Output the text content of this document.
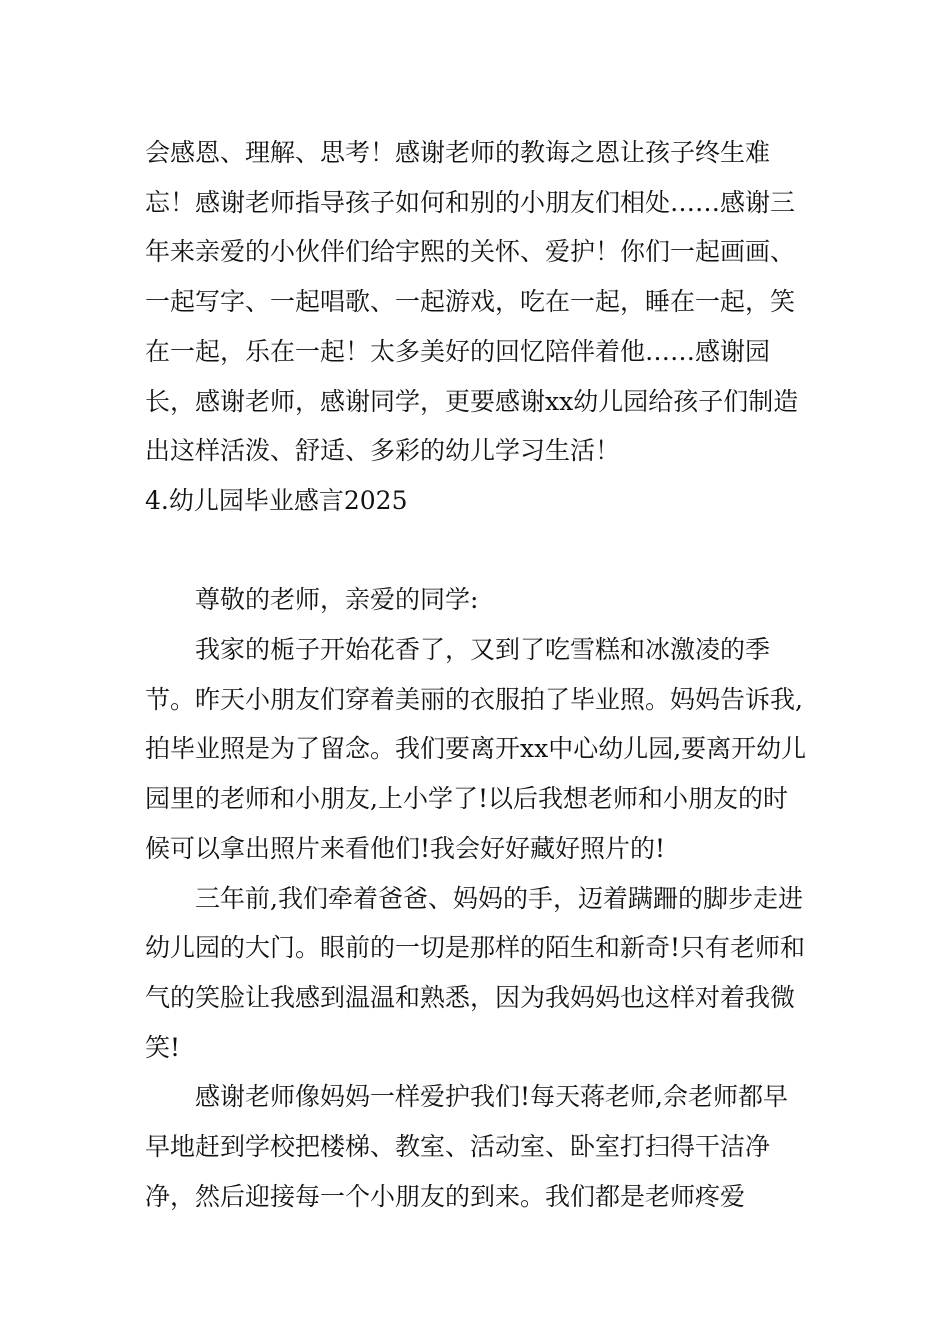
会感恩、理解、思考！感谢老师的教诲之恩让孩子终生难忘！感谢老师指导孩子如何和别的小朋友们相处……感谢三年来亲爱的小伙伴们给宇熙的关怀、爱护！你们一起画画、一起写字、一起唱歌、一起游戏，吃在一起，睡在一起，笑在一起，乐在一起！太多美好的回忆陪伴着他……感谢园长，感谢老师，感谢同学，更要感谢xx幼儿园给孩子们制造出这样活泼、舒适、多彩的幼儿学习生活！

4.幼儿园毕业感言2025

尊敬的老师，亲爱的同学:

我家的栀子开始花香了，又到了吃雪糕和冰激凌的季节。昨天小朋友们穿着美丽的衣服拍了毕业照。妈妈告诉我,拍毕业照是为了留念。我们要离开xx中心幼儿园,要离开幼儿园里的老师和小朋友,上小学了!以后我想老师和小朋友的时候可以拿出照片来看他们!我会好好藏好照片的!

三年前,我们牵着爸爸、妈妈的手，迈着蹒跚的脚步走进幼儿园的大门。眼前的一切是那样的陌生和新奇!只有老师和气的笑脸让我感到温温和熟悉，因为我妈妈也这样对着我微笑!

感谢老师像妈妈一样爱护我们!每天蒋老师,佘老师都早早地赶到学校把楼梯、教室、活动室、卧室打扫得干洁净净，然后迎接每一个小朋友的到来。我们都是老师疼爱
